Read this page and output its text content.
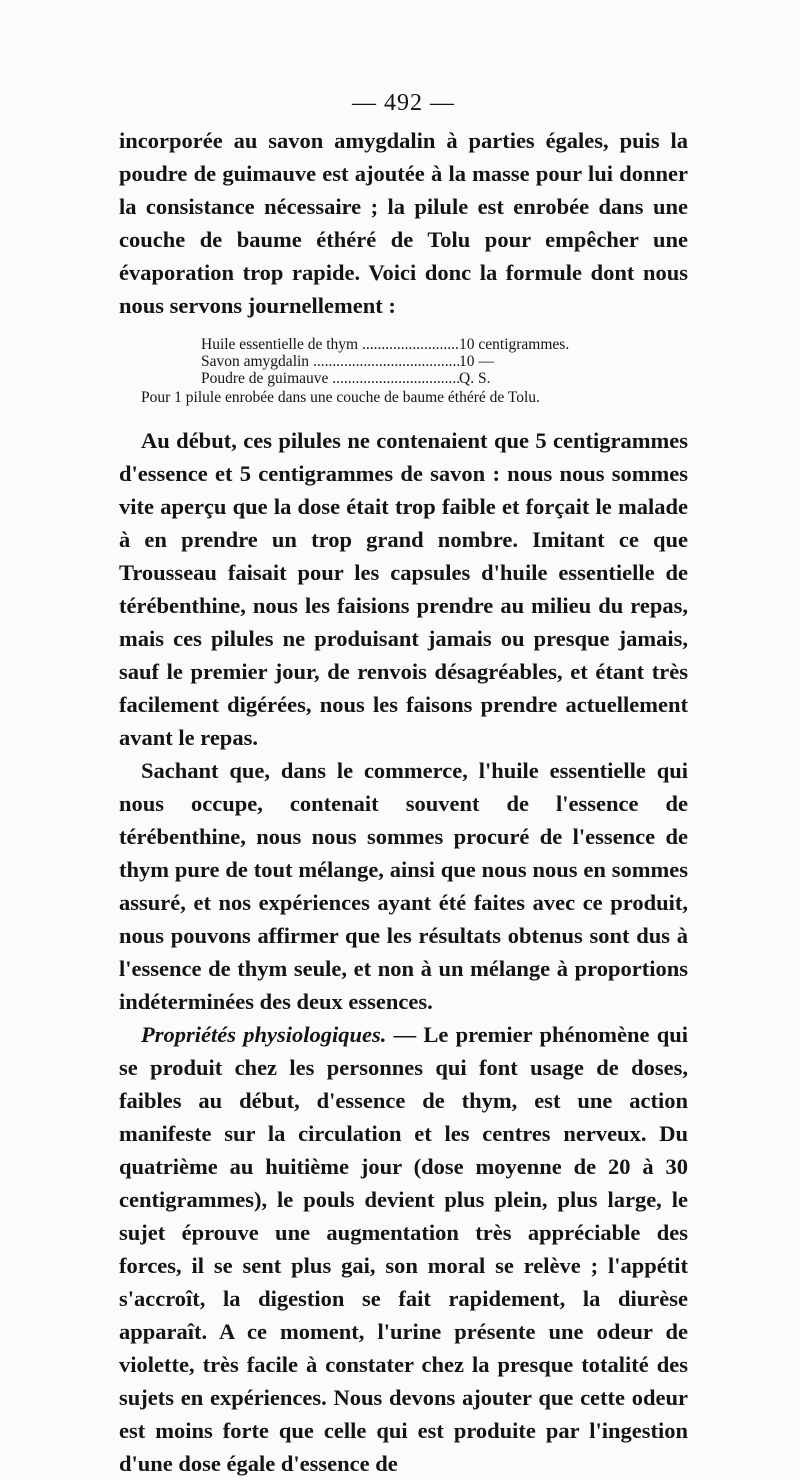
— 492 —

incorporée au savon amygdalin à parties égales, puis la poudre de guimauve est ajoutée à la masse pour lui donner la consistance nécessaire ; la pilule est enrobée dans une couche de baume éthéré de Tolu pour empêcher une évaporation trop rapide. Voici donc la formule dont nous nous servons journellement :

Huile essentielle de thym .....	10 centigrammes.
Savon amygdalin .....	10 —
Poudre de guimauve .....	Q. S.
Pour 1 pilule enrobée dans une couche de baume éthéré de Tolu.

Au début, ces pilules ne contenaient que 5 centigrammes d'essence et 5 centigrammes de savon : nous nous sommes vite aperçu que la dose était trop faible et forçait le malade à en prendre un trop grand nombre. Imitant ce que Trousseau faisait pour les capsules d'huile essentielle de térébenthine, nous les faisions prendre au milieu du repas, mais ces pilules ne produisant jamais ou presque jamais, sauf le premier jour, de renvois désagréables, et étant très facilement digérées, nous les faisons prendre actuellement avant le repas.

Sachant que, dans le commerce, l'huile essentielle qui nous occupe, contenait souvent de l'essence de térébenthine, nous nous sommes procuré de l'essence de thym pure de tout mélange, ainsi que nous nous en sommes assuré, et nos expériences ayant été faites avec ce produit, nous pouvons affirmer que les résultats obtenus sont dus à l'essence de thym seule, et non à un mélange à proportions indéterminées des deux essences.

Propriétés physiologiques. — Le premier phénomène qui se produit chez les personnes qui font usage de doses, faibles au début, d'essence de thym, est une action manifeste sur la circulation et les centres nerveux. Du quatrième au huitième jour (dose moyenne de 20 à 30 centigrammes), le pouls devient plus plein, plus large, le sujet éprouve une augmentation très appréciable des forces, il se sent plus gai, son moral se relève ; l'appétit s'accroît, la digestion se fait rapidement, la diurèse apparaît. A ce moment, l'urine présente une odeur de violette, très facile à constater chez la presque totalité des sujets en expériences. Nous devons ajouter que cette odeur est moins forte que celle qui est produite par l'ingestion d'une dose égale d'essence de
